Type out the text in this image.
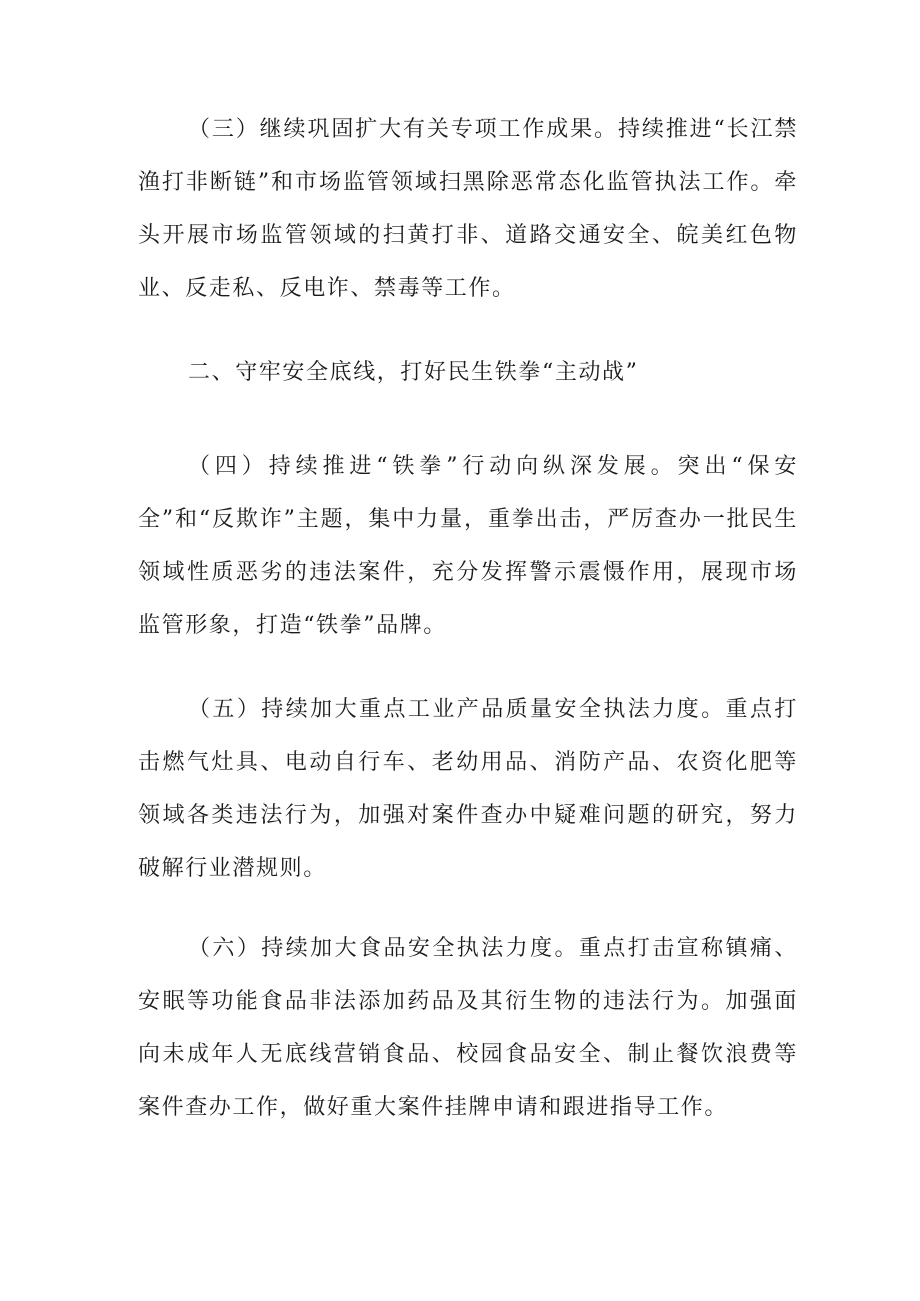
（三）继续巩固扩大有关专项工作成果。持续推进“长江禁渔打非断链”和市场监管领域扫黑除恶常态化监管执法工作。牵头开展市场监管领域的扫黄打非、道路交通安全、皖美红色物业、反走私、反电诈、禁毒等工作。

二、守牢安全底线，打好民生铁拳“主动战”

（四）持续推进“铁拳”行动向纵深发展。突出“保安全”和“反欺诈”主题，集中力量，重拳出击，严厉查办一批民生领域性质恶劣的违法案件，充分发挥警示震慑作用，展现市场监管形象，打造“铁拳”品牌。

（五）持续加大重点工业产品质量安全执法力度。重点打击燃气灶具、电动自行车、老幼用品、消防产品、农资化肥等领域各类违法行为，加强对案件查办中疑难问题的研究，努力破解行业潜规则。

（六）持续加大食品安全执法力度。重点打击宣称镇痛、安眠等功能食品非法添加药品及其衍生物的违法行为。加强面向未成年人无底线营销食品、校园食品安全、制止餐饮浪费等案件查办工作，做好重大案件挂牌申请和跟进指导工作。
